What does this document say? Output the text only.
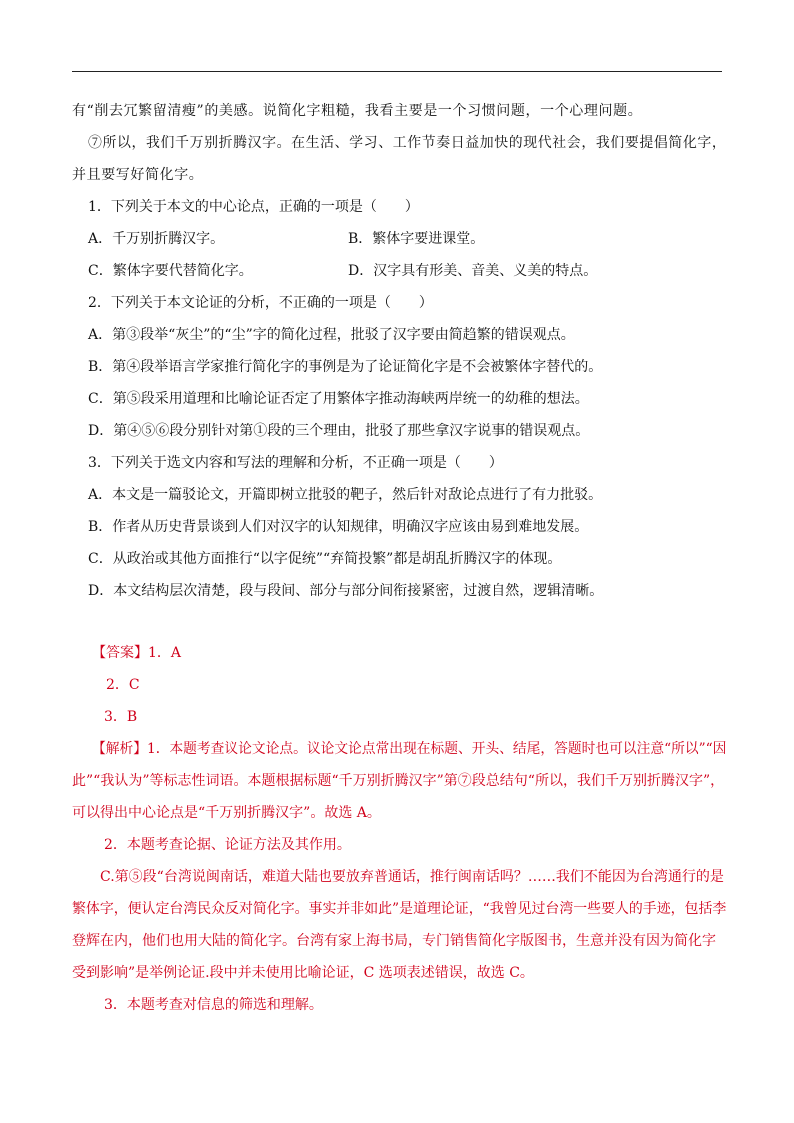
有“削去冗繁留清瘦”的美感。说简化字粗糙，我看主要是一个习惯问题，一个心理问题。
⑦所以，我们千万别折腾汉字。在生活、学习、工作节奏日益加快的现代社会，我们要提倡简化字，
并且要写好简化字。
1．下列关于本文的中心论点，正确的一项是（　　）
A．千万别折腾汉字。	B．繁体字要进课堂。
C．繁体字要代替简化字。	D．汉字具有形美、音美、义美的特点。
2．下列关于本文论证的分析，不正确的一项是（　　）
A．第③段举“灰尘”的“尘”字的简化过程，批驳了汉字要由简趋繁的错误观点。
B．第④段举语言学家推行简化字的事例是为了论证简化字是不会被繁体字替代的。
C．第⑤段采用道理和比喻论证否定了用繁体字推动海峡两岸统一的幼稚的想法。
D．第④⑤⑥段分别针对第①段的三个理由，批驳了那些拿汉字说事的错误观点。
3．下列关于选文内容和写法的理解和分析，不正确一项是（　　）
A．本文是一篇驳论文，开篇即树立批驳的靶子，然后针对敌论点进行了有力批驳。
B．作者从历史背景谈到人们对汉字的认知规律，明确汉字应该由易到难地发展。
C．从政治或其他方面推行“以字促统”“弃简投繁”都是胡乱折腾汉字的体现。
D．本文结构层次清楚，段与段间、部分与部分间衔接紧密，过渡自然，逻辑清晰。
【答案】1．A
2．C
3．B
【解析】1．本题考查议论文论点。议论文论点常出现在标题、开头、结尾，答题时也可以注意“所以”“因
此”“我认为”等标志性词语。本题根据标题“千万别折腾汉字”第⑦段总结句“所以，我们千万别折腾汉字”，
可以得出中心论点是“千万别折腾汉字”。故选 A。
2．本题考查论据、论证方法及其作用。
C.第⑤段“台湾说闽南话，难道大陆也要放弃普通话，推行闽南话吗？……我们不能因为台湾通行的是
繁体字，便认定台湾民众反对简化字。事实并非如此”是道理论证，“我曾见过台湾一些要人的手迹，包括李
登辉在内，他们也用大陆的简化字。台湾有家上海书局，专门销售简化字版图书，生意并没有因为简化字
受到影响”是举例论证.段中并未使用比喻论证，C 选项表述错误，故选 C。
3．本题考查对信息的筛选和理解。
